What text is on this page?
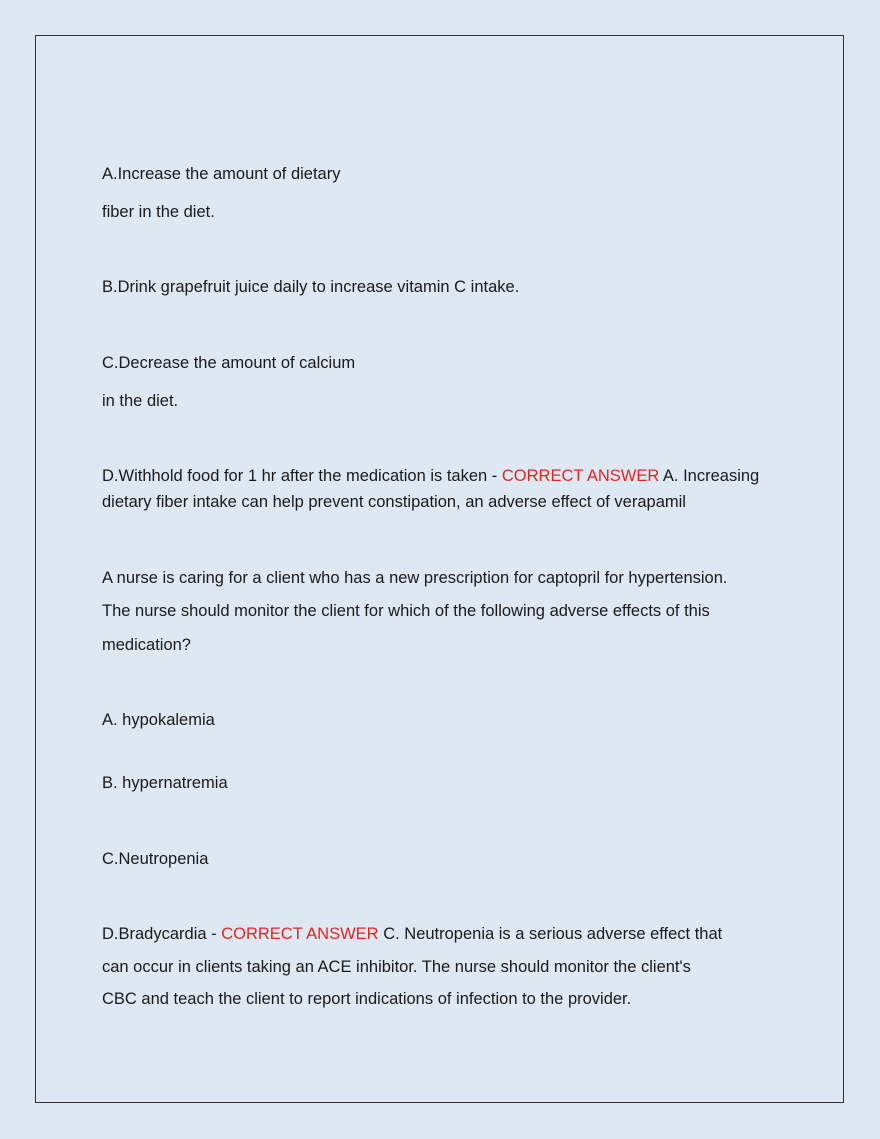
A.Increase the amount of dietary
fiber in the diet.
B.Drink grapefruit juice daily to increase vitamin C intake.
C.Decrease the amount of calcium
in the diet.
D.Withhold food for 1 hr after the medication is taken - CORRECT ANSWER A. Increasing
dietary fiber intake can help prevent constipation, an adverse effect of verapamil
A nurse is caring for a client who has a new prescription for captopril for hypertension.
The nurse should monitor the client for which of the following adverse effects of this
medication?
A. hypokalemia
B. hypernatremia
C.Neutropenia
D.Bradycardia - CORRECT ANSWER C. Neutropenia is a serious adverse effect that
can occur in clients taking an ACE inhibitor. The nurse should monitor the client's
CBC and teach the client to report indications of infection to the provider.
